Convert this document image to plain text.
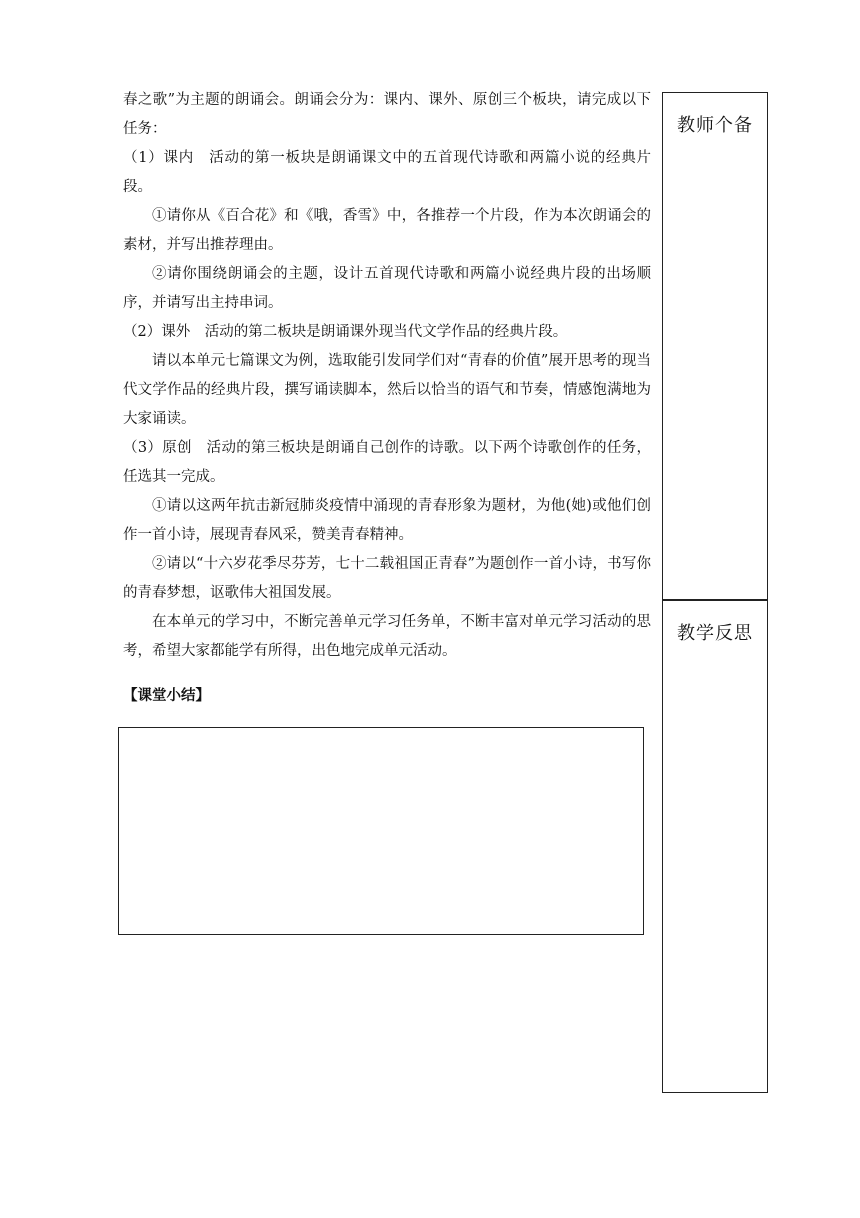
春之歌”为主题的朗诵会。朗诵会分为：课内、课外、原创三个板块，请完成以下任务：

（1）课内　活动的第一板块是朗诵课文中的五首现代诗歌和两篇小说的经典片段。

①请你从《百合花》和《哦，香雪》中，各推荐一个片段，作为本次朗诵会的素材，并写出推荐理由。

②请你围绕朗诵会的主题，设计五首现代诗歌和两篇小说经典片段的出场顺序，并请写出主持串词。

（2）课外　活动的第二板块是朗诵课外现当代文学作品的经典片段。

请以本单元七篇课文为例，选取能引发同学们对“青春的价值”展开思考的现当代文学作品的经典片段，撰写诵读脚本，然后以恰当的语气和节奏，情感饱满地为大家诵读。

（3）原创　活动的第三板块是朗诵自己创作的诗歌。以下两个诗歌创作的任务，任选其一完成。

①请以这两年抗击新冠肺炎疫情中涌现的青春形象为题材，为他(她)或他们创作一首小诗，展现青春风采，赞美青春精神。

②请以“十六岁花季尽芬芳，七十二载祖国正青春”为题创作一首小诗，书写你的青春梦想，讴歌伟大祖国发展。

在本单元的学习中，不断完善单元学习任务单，不断丰富对单元学习活动的思考，希望大家都能学有所得，出色地完成单元活动。

【课堂小结】

教师个备
教学反思
